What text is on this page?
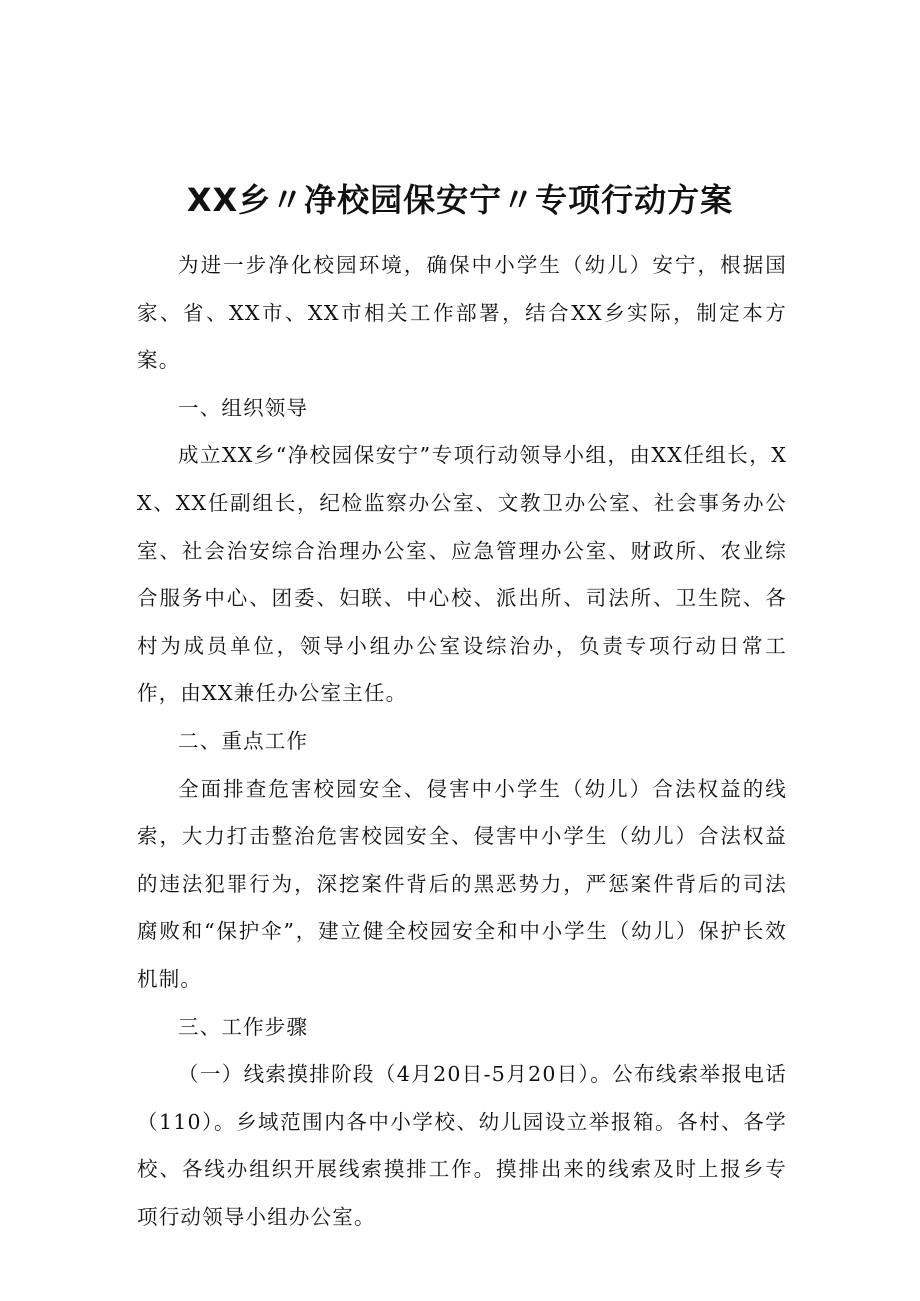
XX乡〃净校园保安宁〃专项行动方案

为进一步净化校园环境，确保中小学生（幼儿）安宁，根据国家、省、XX市、XX市相关工作部署，结合XX乡实际，制定本方案。

一、组织领导

成立XX乡“净校园保安宁”专项行动领导小组，由XX任组长，XX、XX任副组长，纪检监察办公室、文教卫办公室、社会事务办公室、社会治安综合治理办公室、应急管理办公室、财政所、农业综合服务中心、团委、妇联、中心校、派出所、司法所、卫生院、各村为成员单位，领导小组办公室设综治办，负责专项行动日常工作，由XX兼任办公室主任。

二、重点工作

全面排查危害校园安全、侵害中小学生（幼儿）合法权益的线索，大力打击整治危害校园安全、侵害中小学生（幼儿）合法权益的违法犯罪行为，深挖案件背后的黑恶势力，严惩案件背后的司法腐败和“保护伞”，建立健全校园安全和中小学生（幼儿）保护长效机制。

三、工作步骤

（一）线索摸排阶段（4月20日-5月20日）。公布线索举报电话（110）。乡域范围内各中小学校、幼儿园设立举报箱。各村、各学校、各线办组织开展线索摸排工作。摸排出来的线索及时上报乡专项行动领导小组办公室。
